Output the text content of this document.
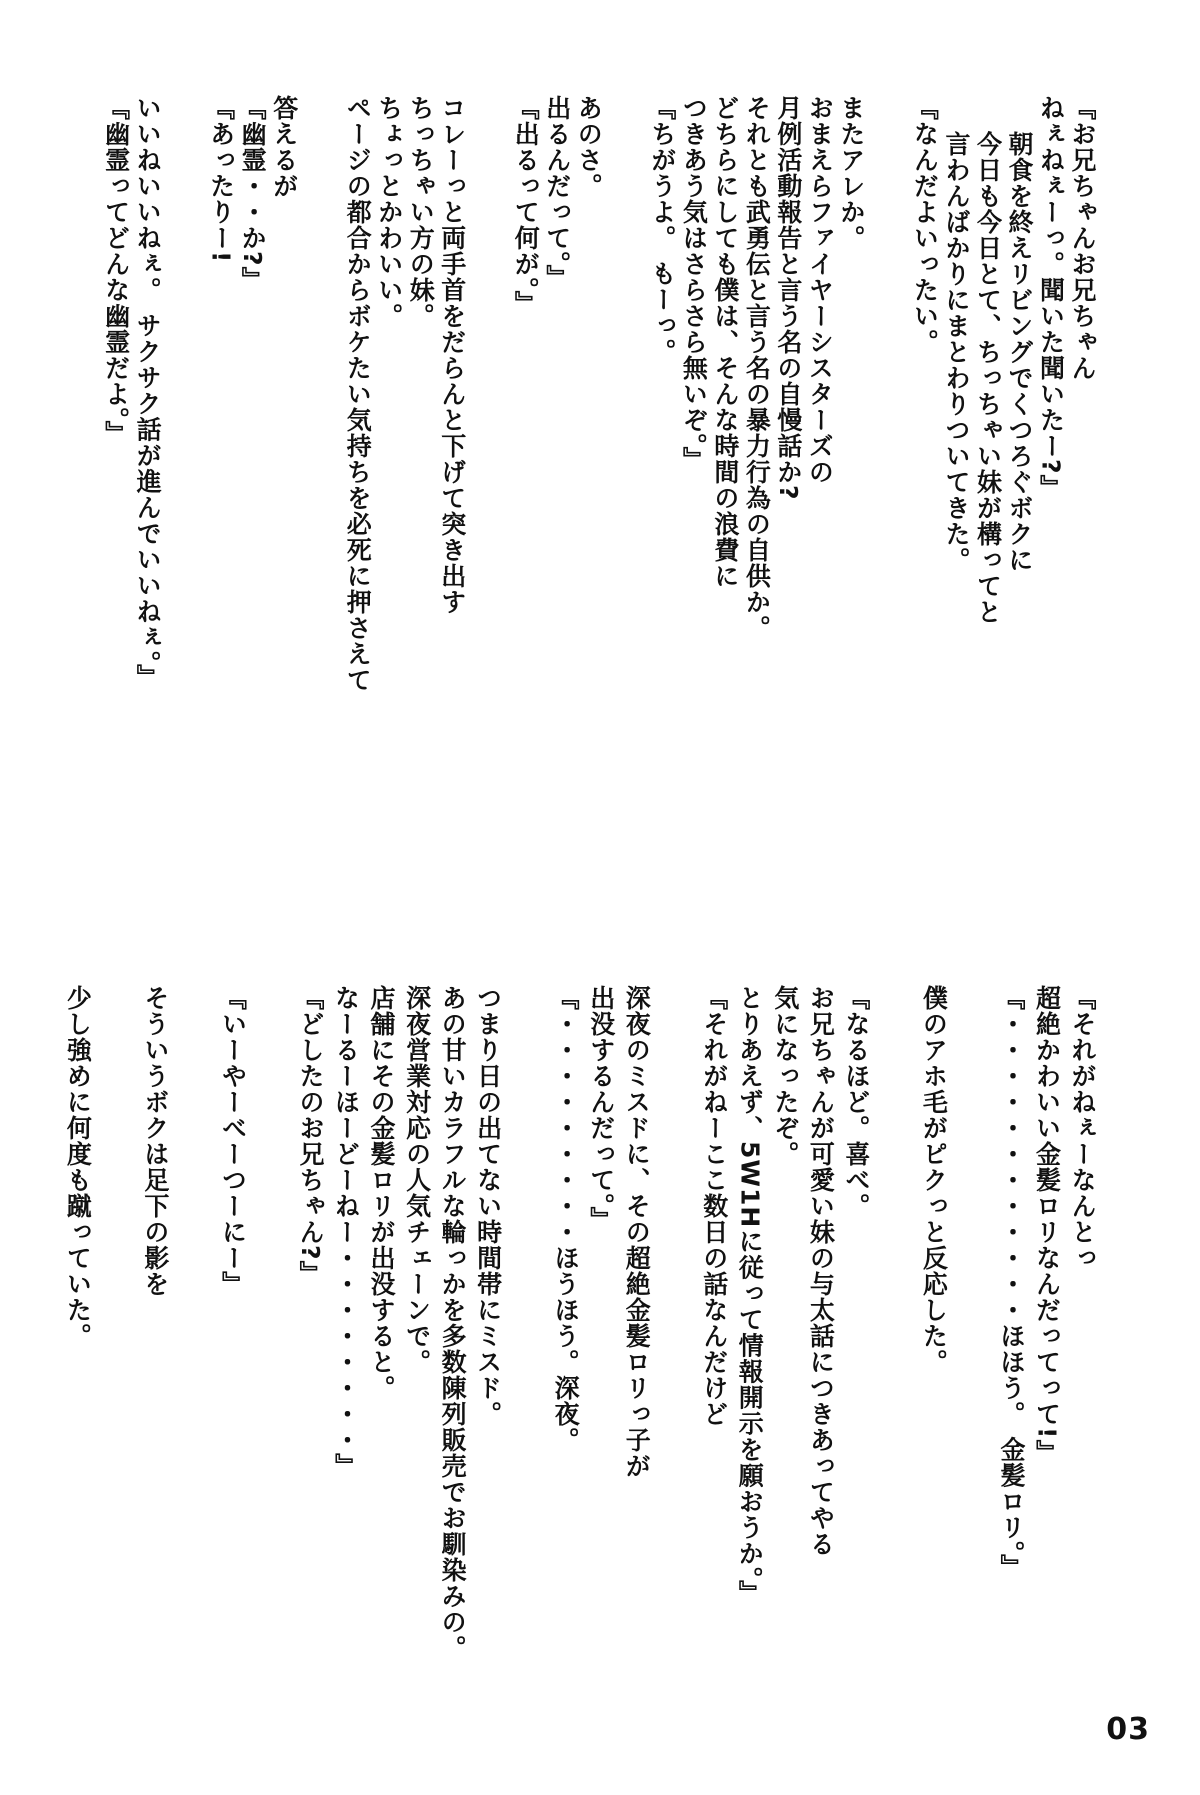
『お兄ちゃんお兄ちゃん
ねぇねぇーっ。聞いた聞いたー?』
朝食を終えリビングでくつろぐボクに
今日も今日とて、ちっちゃい妹が構ってと
言わんばかりにまとわりついてきた。
『なんだよいったい。
またアレか。
おまえらファイヤーシスターズの
月例活動報告と言う名の自慢話か?
それとも武勇伝と言う名の暴力行為の自供か。
どちらにしても僕は、そんな時間の浪費に
つきあう気はさらさら無いぞ。』
『ちがうよ。 もーっ。
あのさ。
出るんだって。』
『出るって何が。』
コレーっと両手首をだらんと下げて突き出す
ちっちゃい方の妹。
ちょっとかわいい。
ページの都合からボケたい気持ちを必死に押さえて
答えるが
『幽霊・・か?』
『あったりー!
いいねいいねぇ。 サクサク話が進んでいいねぇ。』
『幽霊ってどんな幽霊だよ。』
『それがねぇーなんとっ
超絶かわいい金髪ロリなんだってって!』
『・・・・・・・・・・・・ほほう。 金髪ロリ。』
僕のアホ毛がピクっと反応した。
『なるほど。喜べ。
お兄ちゃんが可愛い妹の与太話につきあってやる
気になったぞ。
とりあえず、5W1Hに従って情報開示を願おうか。』
『それがねーここ数日の話なんだけど
深夜のミスドに、その超絶金髪ロリっ子が
出没するんだって。』
『・・・・・・・・・ほうほう。深夜。
つまり日の出てない時間帯にミスド。
あの甘いカラフルな輪っかを多数陳列販売でお馴染みの。
深夜営業対応の人気チェーンで。
店舗にその金髪ロリが出没すると。
なーるーほーどーねー・・・・・・・・』
『どしたのお兄ちゃん?』
『いーやーべーつーにー』
そういうボクは足下の影を
少し強めに何度も蹴っていた。
03
